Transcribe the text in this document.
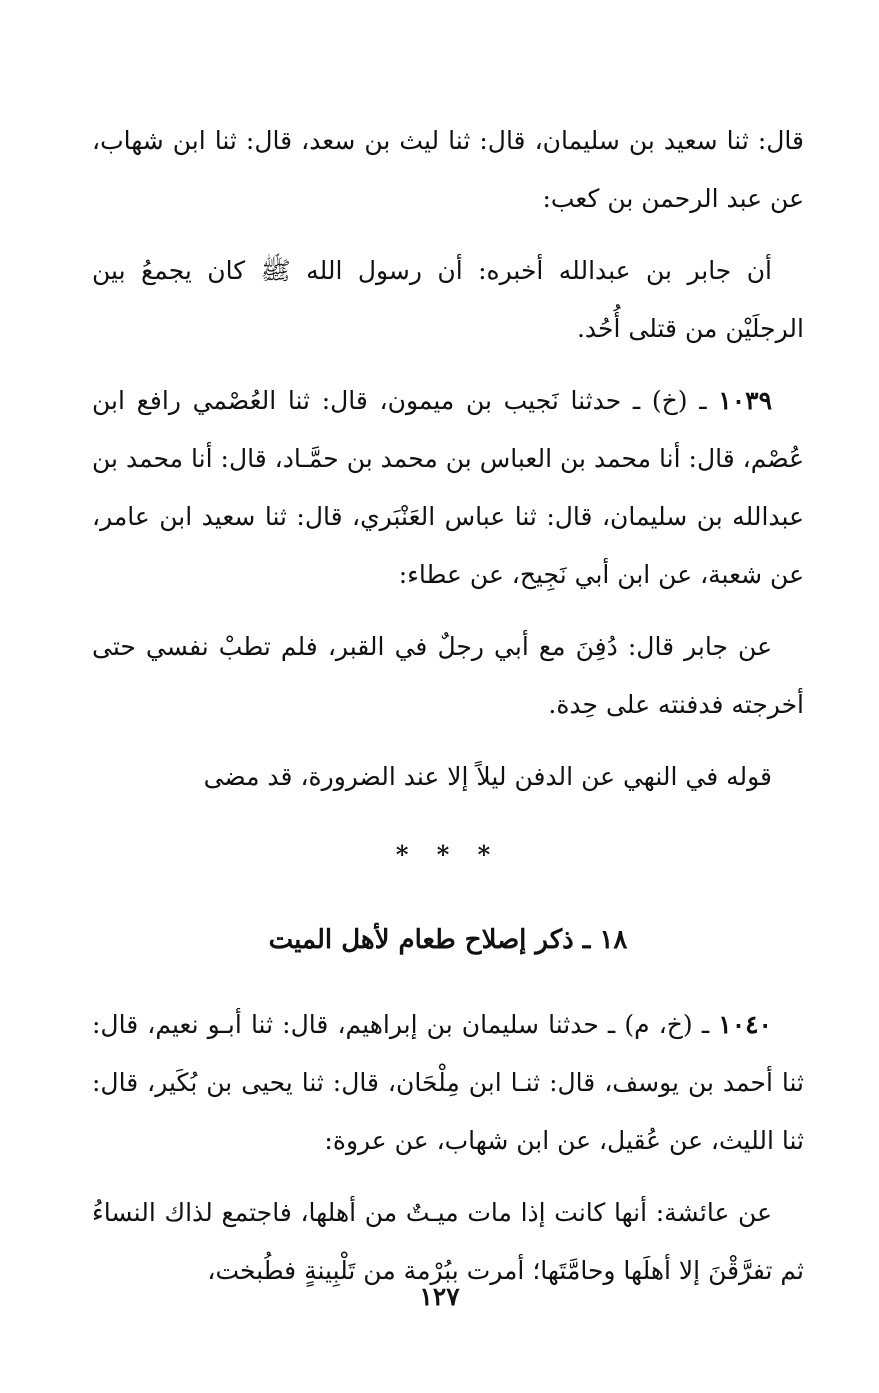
قال: ثنا سعيد بن سليمان، قال: ثنا ليث بن سعد، قال: ثنا ابن شهاب، عن عبد الرحمن بن كعب:

أن جابر بن عبدالله أخبره: أن رسول الله ﷺ كان يجمعُ بين الرجلَيْن من قتلى أُحُد.

١٠٣٩ ـ (خ) ـ حدثنا نَجيب بن ميمون، قال: ثنا العُصْمي رافع ابن عُصْم، قال: أنا محمد بن العباس بن محمد بن حمَّـاد، قال: أنا محمد بن عبدالله بن سليمان، قال: ثنا عباس العَنْبَري، قال: ثنا سعيد ابن عامر، عن شعبة، عن ابن أبي نَجِيح، عن عطاء:

عن جابر قال: دُفِنَ مع أبي رجلٌ في القبر، فلم تطبْ نفسي حتى أخرجته فدفنته على حِدة.

قوله في النهي عن الدفن ليلاً إلا عند الضرورة، قد مضى

* * *
١٨ ـ ذكر إصلاح طعام لأهل الميت

١٠٤٠ ـ (خ، م) ـ حدثنا سليمان بن إبراهيم، قال: ثنا أبـو نعيم، قال: ثنا أحمد بن يوسف، قال: ثنـا ابن مِلْحَان، قال: ثنا يحيى بن بُكَير، قال: ثنا الليث، عن عُقيل، عن ابن شهاب، عن عروة:

عن عائشة: أنها كانت إذا مات ميـتٌ من أهلها، فاجتمع لذاك النساءُ ثم تفرَّقْنَ إلا أهلَها وحامَّتَها؛ أمرت ببُرْمة من تَلْبِينةٍ فطُبخت،

١٢٧
